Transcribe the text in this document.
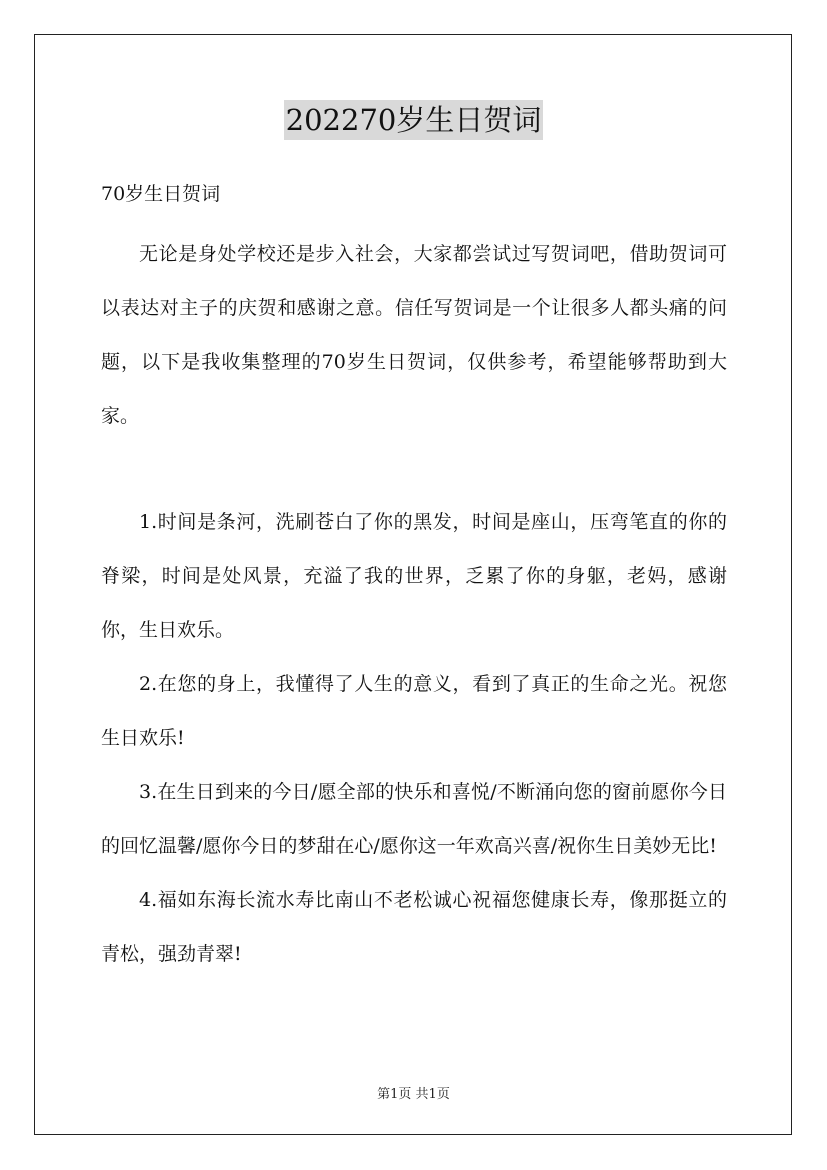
202270岁生日贺词

70岁生日贺词

无论是身处学校还是步入社会，大家都尝试过写贺词吧，借助贺词可以表达对主子的庆贺和感谢之意。信任写贺词是一个让很多人都头痛的问题，以下是我收集整理的70岁生日贺词，仅供参考，希望能够帮助到大家。

1.时间是条河，洗刷苍白了你的黑发，时间是座山，压弯笔直的你的脊梁，时间是处风景，充溢了我的世界，乏累了你的身躯，老妈，感谢你，生日欢乐。

2.在您的身上，我懂得了人生的意义，看到了真正的生命之光。祝您生日欢乐!

3.在生日到来的今日/愿全部的快乐和喜悦/不断涌向您的窗前愿你今日的回忆温馨/愿你今日的梦甜在心/愿你这一年欢高兴喜/祝你生日美妙无比!

4.福如东海长流水寿比南山不老松诚心祝福您健康长寿，像那挺立的青松，强劲青翠!

第1页 共1页
